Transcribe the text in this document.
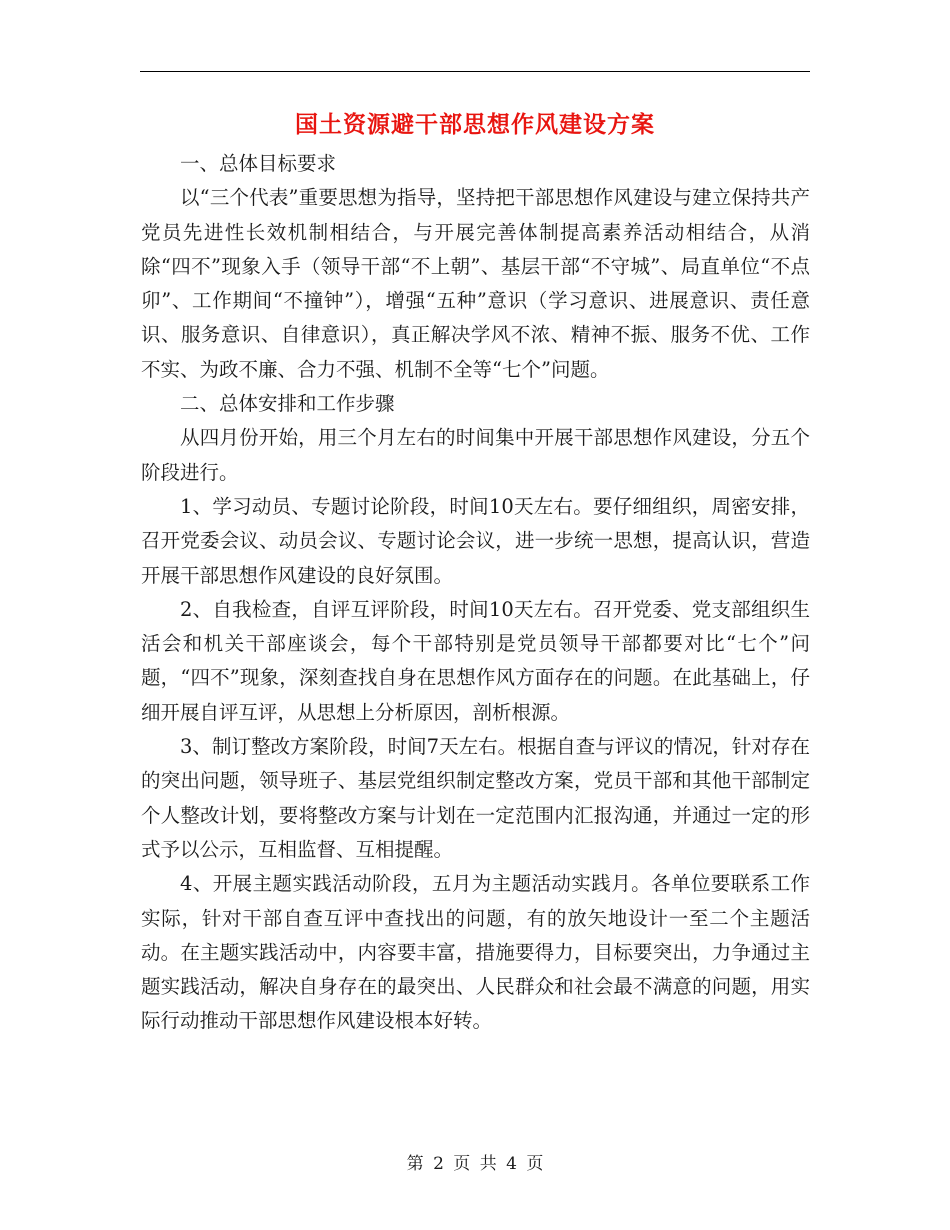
国土资源避干部思想作风建设方案

一、总体目标要求

以“三个代表”重要思想为指导，坚持把干部思想作风建设与建立保持共产党员先进性长效机制相结合，与开展完善体制提高素养活动相结合，从消除“四不”现象入手（领导干部“不上朝”、基层干部“不守城”、局直单位“不点卯”、工作期间“不撞钟”），增强“五种”意识（学习意识、进展意识、责任意识、服务意识、自律意识），真正解决学风不浓、精神不振、服务不优、工作不实、为政不廉、合力不强、机制不全等“七个”问题。

二、总体安排和工作步骤

从四月份开始，用三个月左右的时间集中开展干部思想作风建设，分五个阶段进行。

1、学习动员、专题讨论阶段，时间10天左右。要仔细组织，周密安排，召开党委会议、动员会议、专题讨论会议，进一步统一思想，提高认识，营造开展干部思想作风建设的良好氛围。

2、自我检查，自评互评阶段，时间10天左右。召开党委、党支部组织生活会和机关干部座谈会，每个干部特别是党员领导干部都要对比“七个”问题，“四不”现象，深刻查找自身在思想作风方面存在的问题。在此基础上，仔细开展自评互评，从思想上分析原因，剖析根源。

3、制订整改方案阶段，时间7天左右。根据自查与评议的情况，针对存在的突出问题，领导班子、基层党组织制定整改方案，党员干部和其他干部制定个人整改计划，要将整改方案与计划在一定范围内汇报沟通，并通过一定的形式予以公示，互相监督、互相提醒。

4、开展主题实践活动阶段，五月为主题活动实践月。各单位要联系工作实际，针对干部自查互评中查找出的问题，有的放矢地设计一至二个主题活动。在主题实践活动中，内容要丰富，措施要得力，目标要突出，力争通过主题实践活动，解决自身存在的最突出、人民群众和社会最不满意的问题，用实际行动推动干部思想作风建设根本好转。

第 2 页 共 4 页
